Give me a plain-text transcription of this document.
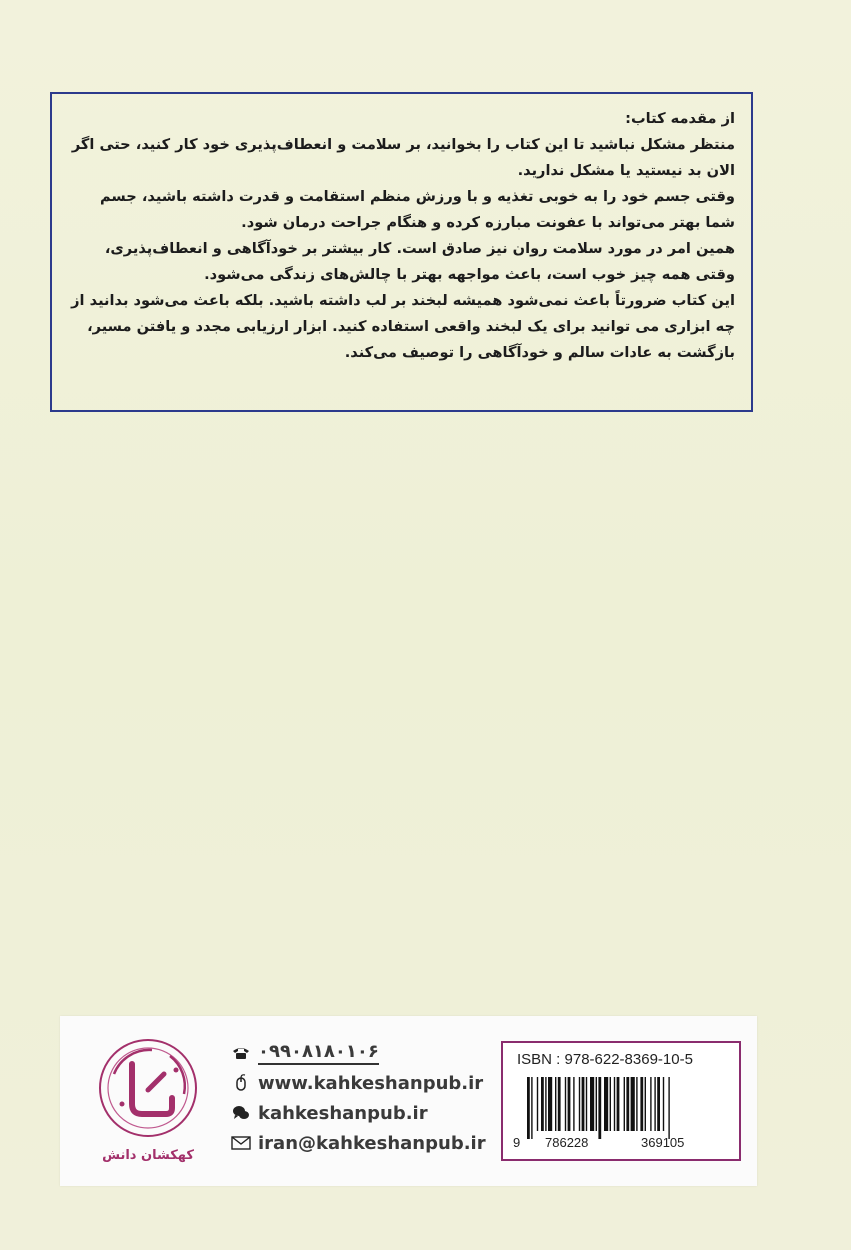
از مقدمه کتاب:

منتظر مشکل نباشید تا این کتاب را بخوانید، بر سلامت و انعطاف‌پذیری خود کار کنید، حتی اگر الان بد نیستید یا مشکل ندارید.

وقتی جسم خود را به خوبی تغذیه و با ورزش منظم استقامت و قدرت داشته باشید، جسم شما بهتر می‌تواند با عفونت مبارزه کرده و هنگام جراحت درمان شود.

همین امر در مورد سلامت روان نیز صادق است. کار بیشتر بر خودآگاهی و انعطاف‌پذیری، وقتی همه چیز خوب است، باعث مواجهه بهتر با چالش‌های زندگی می‌شود.

این کتاب ضرورتاً باعث نمی‌شود همیشه لبخند بر لب داشته باشید. بلکه باعث می‌شود بدانید از چه ابزاری می توانید برای یک لبخند واقعی استفاده کنید. ابزار ارزیابی مجدد و یافتن مسیر، بازگشت به عادات سالم و خودآگاهی را توصیف می‌کند.

کهکشان دانش
۰۹۹۰۸۱۸۰۱۰۶
www.kahkeshanpub.ir
kahkeshanpub.ir
iran@kahkeshanpub.ir
ISBN : 978-622-8369-10-5
9 786228	369105
